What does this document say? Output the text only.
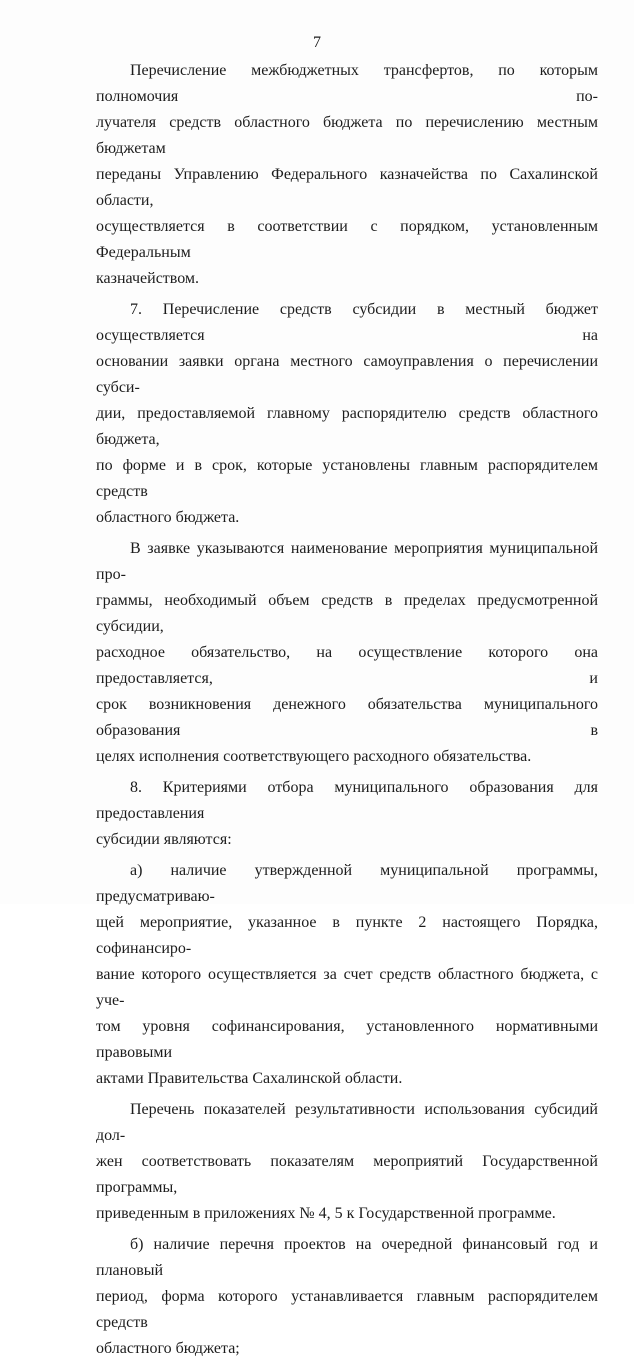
7
Перечисление межбюджетных трансфертов, по которым полномочия по-
лучателя средств областного бюджета по перечислению местным бюджетам
переданы Управлению Федерального казначейства по Сахалинской области,
осуществляется в соответствии с порядком, установленным Федеральным
казначейством.
7. Перечисление средств субсидии в местный бюджет осуществляется на
основании заявки органа местного самоуправления о перечислении субси-
дии, предоставляемой главному распорядителю средств областного бюджета,
по форме и в срок, которые установлены главным распорядителем средств
областного бюджета.
В заявке указываются наименование мероприятия муниципальной про-
граммы, необходимый объем средств в пределах предусмотренной субсидии,
расходное обязательство, на осуществление которого она предоставляется, и
срок возникновения денежного обязательства муниципального образования в
целях исполнения соответствующего расходного обязательства.
8. Критериями отбора муниципального образования для предоставления
субсидии являются:
а) наличие утвержденной муниципальной программы, предусматриваю-
щей мероприятие, указанное в пункте 2 настоящего Порядка, софинансиро-
вание которого осуществляется за счет средств областного бюджета, с уче-
том уровня софинансирования, установленного нормативными правовыми
актами Правительства Сахалинской области.
Перечень показателей результативности использования субсидий дол-
жен соответствовать показателям мероприятий Государственной программы,
приведенным в приложениях № 4, 5 к Государственной программе.
б) наличие перечня проектов на очередной финансовый год и плановый
период, форма которого устанавливается главным распорядителем средств
областного бюджета;
